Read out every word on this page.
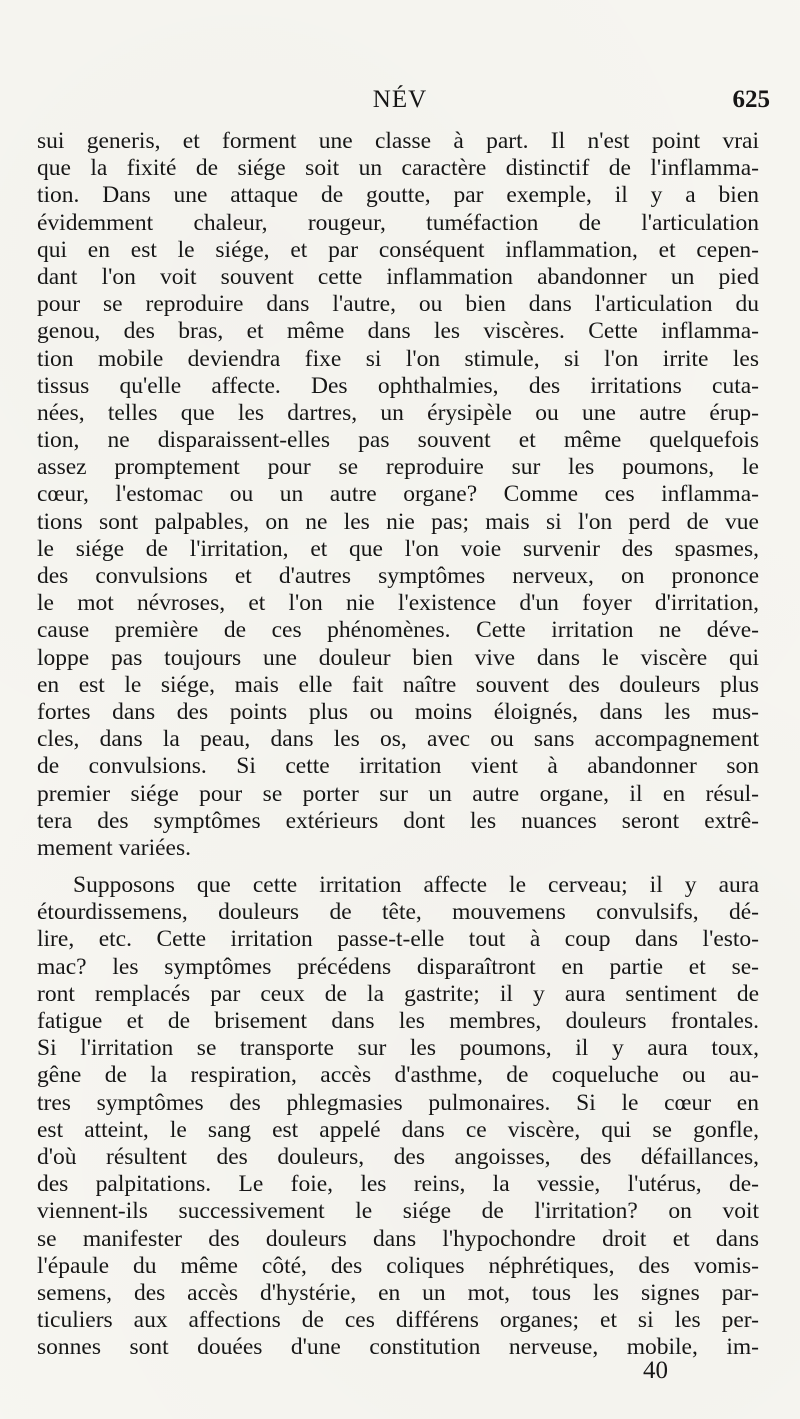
NÉV	625
sui generis, et forment une classe à part. Il n'est point vrai
que la fixité de siége soit un caractère distinctif de l'inflamma-
tion. Dans une attaque de goutte, par exemple, il y a bien
évidemment chaleur, rougeur, tuméfaction de l'articulation
qui en est le siége, et par conséquent inflammation, et cepen-
dant l'on voit souvent cette inflammation abandonner un pied
pour se reproduire dans l'autre, ou bien dans l'articulation du
genou, des bras, et même dans les viscères. Cette inflamma-
tion mobile deviendra fixe si l'on stimule, si l'on irrite les
tissus qu'elle affecte. Des ophthalmies, des irritations cuta-
nées, telles que les dartres, un érysipèle ou une autre érup-
tion, ne disparaissent-elles pas souvent et même quelquefois
assez promptement pour se reproduire sur les poumons, le
cœur, l'estomac ou un autre organe? Comme ces inflamma-
tions sont palpables, on ne les nie pas; mais si l'on perd de vue
le siége de l'irritation, et que l'on voie survenir des spasmes,
des convulsions et d'autres symptômes nerveux, on prononce
le mot névroses, et l'on nie l'existence d'un foyer d'irritation,
cause première de ces phénomènes. Cette irritation ne déve-
loppe pas toujours une douleur bien vive dans le viscère qui
en est le siége, mais elle fait naître souvent des douleurs plus
fortes dans des points plus ou moins éloignés, dans les mus-
cles, dans la peau, dans les os, avec ou sans accompagnement
de convulsions. Si cette irritation vient à abandonner son
premier siége pour se porter sur un autre organe, il en résul-
tera des symptômes extérieurs dont les nuances seront extrê-
mement variées.
Supposons que cette irritation affecte le cerveau; il y aura
étourdissemens, douleurs de tête, mouvemens convulsifs, dé-
lire, etc. Cette irritation passe-t-elle tout à coup dans l'esto-
mac? les symptômes précédens disparaîtront en partie et se-
ront remplacés par ceux de la gastrite; il y aura sentiment de
fatigue et de brisement dans les membres, douleurs frontales.
Si l'irritation se transporte sur les poumons, il y aura toux,
gêne de la respiration, accès d'asthme, de coqueluche ou au-
tres symptômes des phlegmasies pulmonaires. Si le cœur en
est atteint, le sang est appelé dans ce viscère, qui se gonfle,
d'où résultent des douleurs, des angoisses, des défaillances,
des palpitations. Le foie, les reins, la vessie, l'utérus, de-
viennent-ils successivement le siége de l'irritation? on voit
se manifester des douleurs dans l'hypochondre droit et dans
l'épaule du même côté, des coliques néphrétiques, des vomis-
semens, des accès d'hystérie, en un mot, tous les signes par-
ticuliers aux affections de ces différens organes; et si les per-
sonnes sont douées d'une constitution nerveuse, mobile, im-
40
